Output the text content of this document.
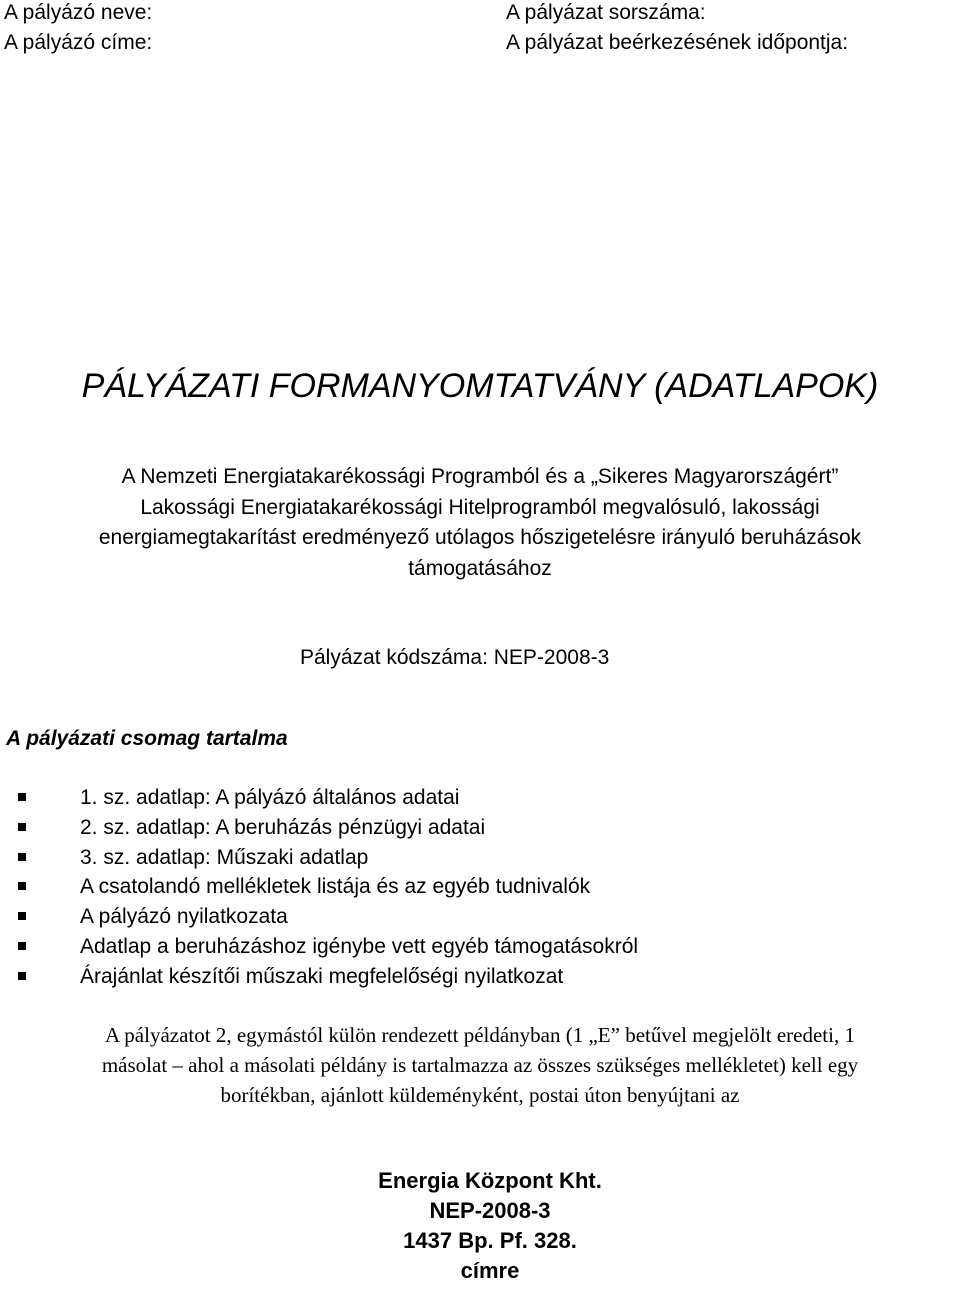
A pályázó neve:
A pályázó címe:
A pályázat sorszáma:
A pályázat beérkezésének időpontja:
PÁLYÁZATI FORMANYOMTATVÁNY (ADATLAPOK)
A Nemzeti Energiatakarékossági Programból és a „Sikeres Magyarországért”
Lakossági Energiatakarékossági Hitelprogramból megvalósuló, lakossági
energiamegtakarítást eredményező utólagos hőszigetelésre irányuló beruházások
támogatásához
Pályázat kódszáma: NEP-2008-3
A pályázati csomag tartalma
1. sz. adatlap: A pályázó általános adatai
2. sz. adatlap: A beruházás pénzügyi adatai
3. sz. adatlap: Műszaki adatlap
A csatolandó mellékletek listája és az egyéb tudnivalók
A pályázó nyilatkozata
Adatlap a beruházáshoz igénybe vett egyéb támogatásokról
Árajánlat készítői műszaki megfelelőségi nyilatkozat
A pályázatot 2, egymástól külön rendezett példányban (1 „E” betűvel megjelölt eredeti, 1
másolat – ahol a másolati példány is tartalmazza az összes szükséges mellékletet) kell egy
borítékban, ajánlott küldeményként, postai úton benyújtani az
Energia Központ Kht.
NEP-2008-3
1437 Bp. Pf. 328.
címre
